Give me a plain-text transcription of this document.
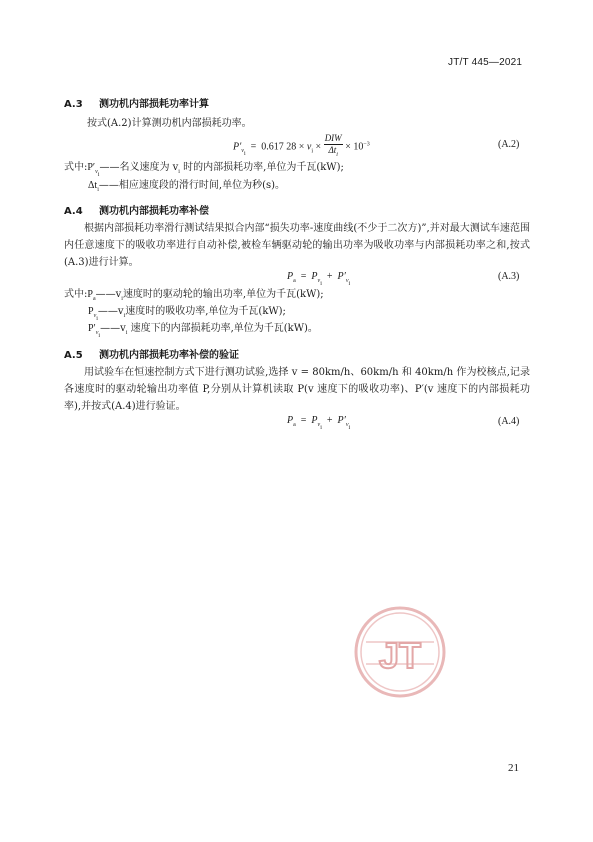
JT/T 445—2021
A.3 测功机内部损耗功率计算
按式(A.2)计算测功机内部损耗功率。
$P'_{v_i} = 0.617$ $28 \times v_i \times \frac{\text{DIW}}{\Delta t_i} \times 10^{-3}$	(A.2)
式中$:P'_{v_i}——$名义速度为 $v_i$ 时的内部损耗功率,单位为千瓦(kW);
$\Delta t_i——$相应速度段的滑行时间,单位为秒(s)。
A.4 测功机内部损耗功率补偿
根据内部损耗功率滑行测试结果拟合内部“损失功率-速度曲线(不少于二次方)”,并对最大测试车速范围内任意速度下的吸收功率进行自动补偿,被检车辆驱动轮的输出功率为吸收功率与内部损耗功率之和,按式(A.3)进行计算。
$P_a = P_{v_i} + P'_{v_i}$
(A.3)
式中$:P_a——v_i$速度时的驱动轮的输出功率,单位为千瓦(kW);
$P_{v_i}——v_i$速度时的吸收功率,单位为千瓦(kW);
$P'_{v_i}——v_i$ 速度下的内部损耗功率,单位为千瓦(kW)。
A.5 测功机内部损耗功率补偿的验证
用试验车在恒速控制方式下进行测功试验,选择 v = 80km/h、60km/h 和 40km/h 作为校核点,记录各速度时的驱动轮输出功率值 P,分别从计算机读取 P(v 速度下的吸收功率)、P′(v 速度下的内部损耗功率),并按式(A.4)进行验证。
$P_a = P_{v_i} + P'_{v_i}$
(A.4)
JT
21
